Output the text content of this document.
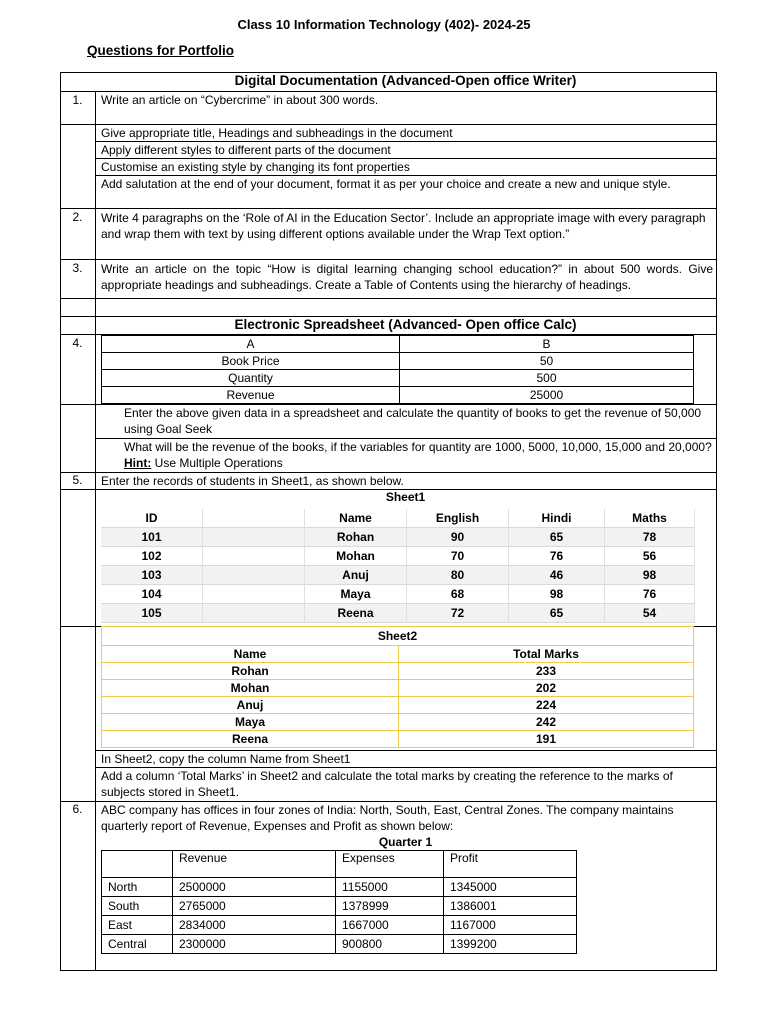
Class 10 Information Technology (402)- 2024-25
Questions for Portfolio
Digital Documentation (Advanced-Open office Writer)
1.	Write an article on “Cybercrime” in about 300 words.
Give appropriate title, Headings and subheadings in the document
Apply different styles to different parts of the document
Customise an existing style by changing its font properties
Add salutation at the end of your document, format it as per your choice and create a new and unique style.
2.	Write 4 paragraphs on the ‘Role of AI in the Education Sector’. Include an appropriate image with every paragraph and wrap them with text by using different options available under the Wrap Text option.”
3.	Write an article on the topic “How is digital learning changing school education?” in about 500 words. Give appropriate headings and subheadings. Create a Table of Contents using the hierarchy of headings.
Electronic Spreadsheet (Advanced- Open office Calc)
4.	A	B
Book Price	50
Quantity	500
Revenue	25000
Enter the above given data in a spreadsheet and calculate the quantity of books to get the revenue of 50,000 using Goal Seek
What will be the revenue of the books, if the variables for quantity are 1000, 5000, 10,000, 15,000 and 20,000? Hint: Use Multiple Operations
5.	Enter the records of students in Sheet1, as shown below.
Sheet1
ID		Name	English	Hindi	Maths
101		Rohan	90	65	78
102		Mohan	70	76	56
103		Anuj	80	46	98
104		Maya	68	98	76
105		Reena	72	65	54
Sheet2	
Name	Total Marks
Rohan	233
Mohan	202
Anuj	224
Maya	242
Reena	191
In Sheet2, copy the column Name from Sheet1
Add a column ‘Total Marks’ in Sheet2 and calculate the total marks by creating the reference to the marks of subjects stored in Sheet1.
6.	ABC company has offices in four zones of India: North, South, East, Central Zones. The company maintains quarterly report of Revenue, Expenses and Profit as shown below:
Quarter 1
	Revenue	Expenses	Profit
North	2500000	1155000	1345000
South	2765000	1378999	1386001
East	2834000	1667000	1167000
Central	2300000	900800	1399200
